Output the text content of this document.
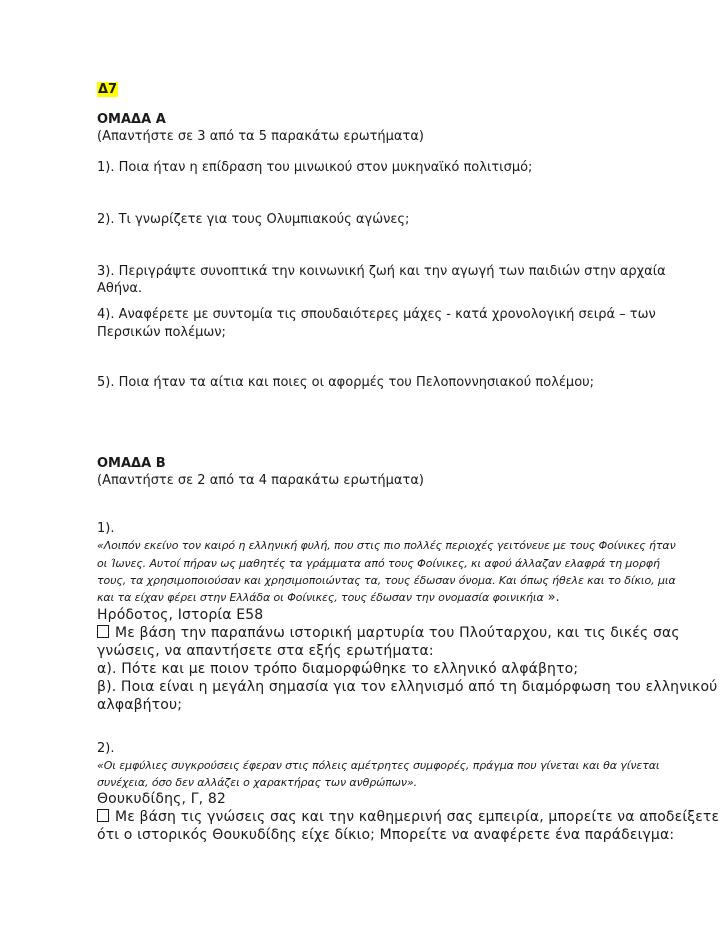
Δ7
ΟΜΑΔΑ Α
(Απαντήστε σε 3 από τα 5 παρακάτω ερωτήματα)
1). Ποια ήταν η επίδραση του μινωικού στον μυκηναϊκό πολιτισμό;
2). Τι γνωρίζετε για τους Ολυμπιακούς αγώνες;
3). Περιγράψτε συνοπτικά την κοινωνική ζωή και την αγωγή των παιδιών στην αρχαία
Αθήνα.
4). Αναφέρετε με συντομία τις σπουδαιότερες μάχες - κατά χρονολογική σειρά – των
Περσικών πολέμων;
5). Ποια ήταν τα αίτια και ποιες οι αφορμές του Πελοποννησιακού πολέμου;
ΟΜΑΔΑ Β
(Απαντήστε σε 2 από τα 4 παρακάτω ερωτήματα)
1).
«Λοιπόν εκείνο τον καιρό η ελληνική φυλή, που στις πιο πολλές περιοχές γειτόνευε με τους Φοίνικες ήταν
οι Ίωνες. Αυτοί πήραν ως μαθητές τα γράμματα από τους Φοίνικες, κι αφού άλλαζαν ελαφρά τη μορφή
τους, τα χρησιμοποιούσαν και χρησιμοποιώντας τα, τους έδωσαν όνομα. Και όπως ήθελε και το δίκιο, μια
και τα είχαν φέρει στην Ελλάδα οι Φοίνικες, τους έδωσαν την ονομασία φοινικήια ».
Ηρόδοτος, Ιστορία Ε58
Με βάση την παραπάνω ιστορική μαρτυρία του Πλούταρχου, και τις δικές σας
γνώσεις, να απαντήσετε στα εξής ερωτήματα:
α). Πότε και με ποιον τρόπο διαμορφώθηκε το ελληνικό αλφάβητο;
β). Ποια είναι η μεγάλη σημασία για τον ελληνισμό από τη διαμόρφωση του ελληνικού
αλφαβήτου;
2).
«Οι εμφύλιες συγκρούσεις έφεραν στις πόλεις αμέτρητες συμφορές, πράγμα που γίνεται και θα γίνεται
συνέχεια, όσο δεν αλλάζει ο χαρακτήρας των ανθρώπων».
Θουκυδίδης, Γ, 82
Με βάση τις γνώσεις σας και την καθημερινή σας εμπειρία, μπορείτε να αποδείξετε
ότι ο ιστορικός Θουκυδίδης είχε δίκιο; Μπορείτε να αναφέρετε ένα παράδειγμα:
